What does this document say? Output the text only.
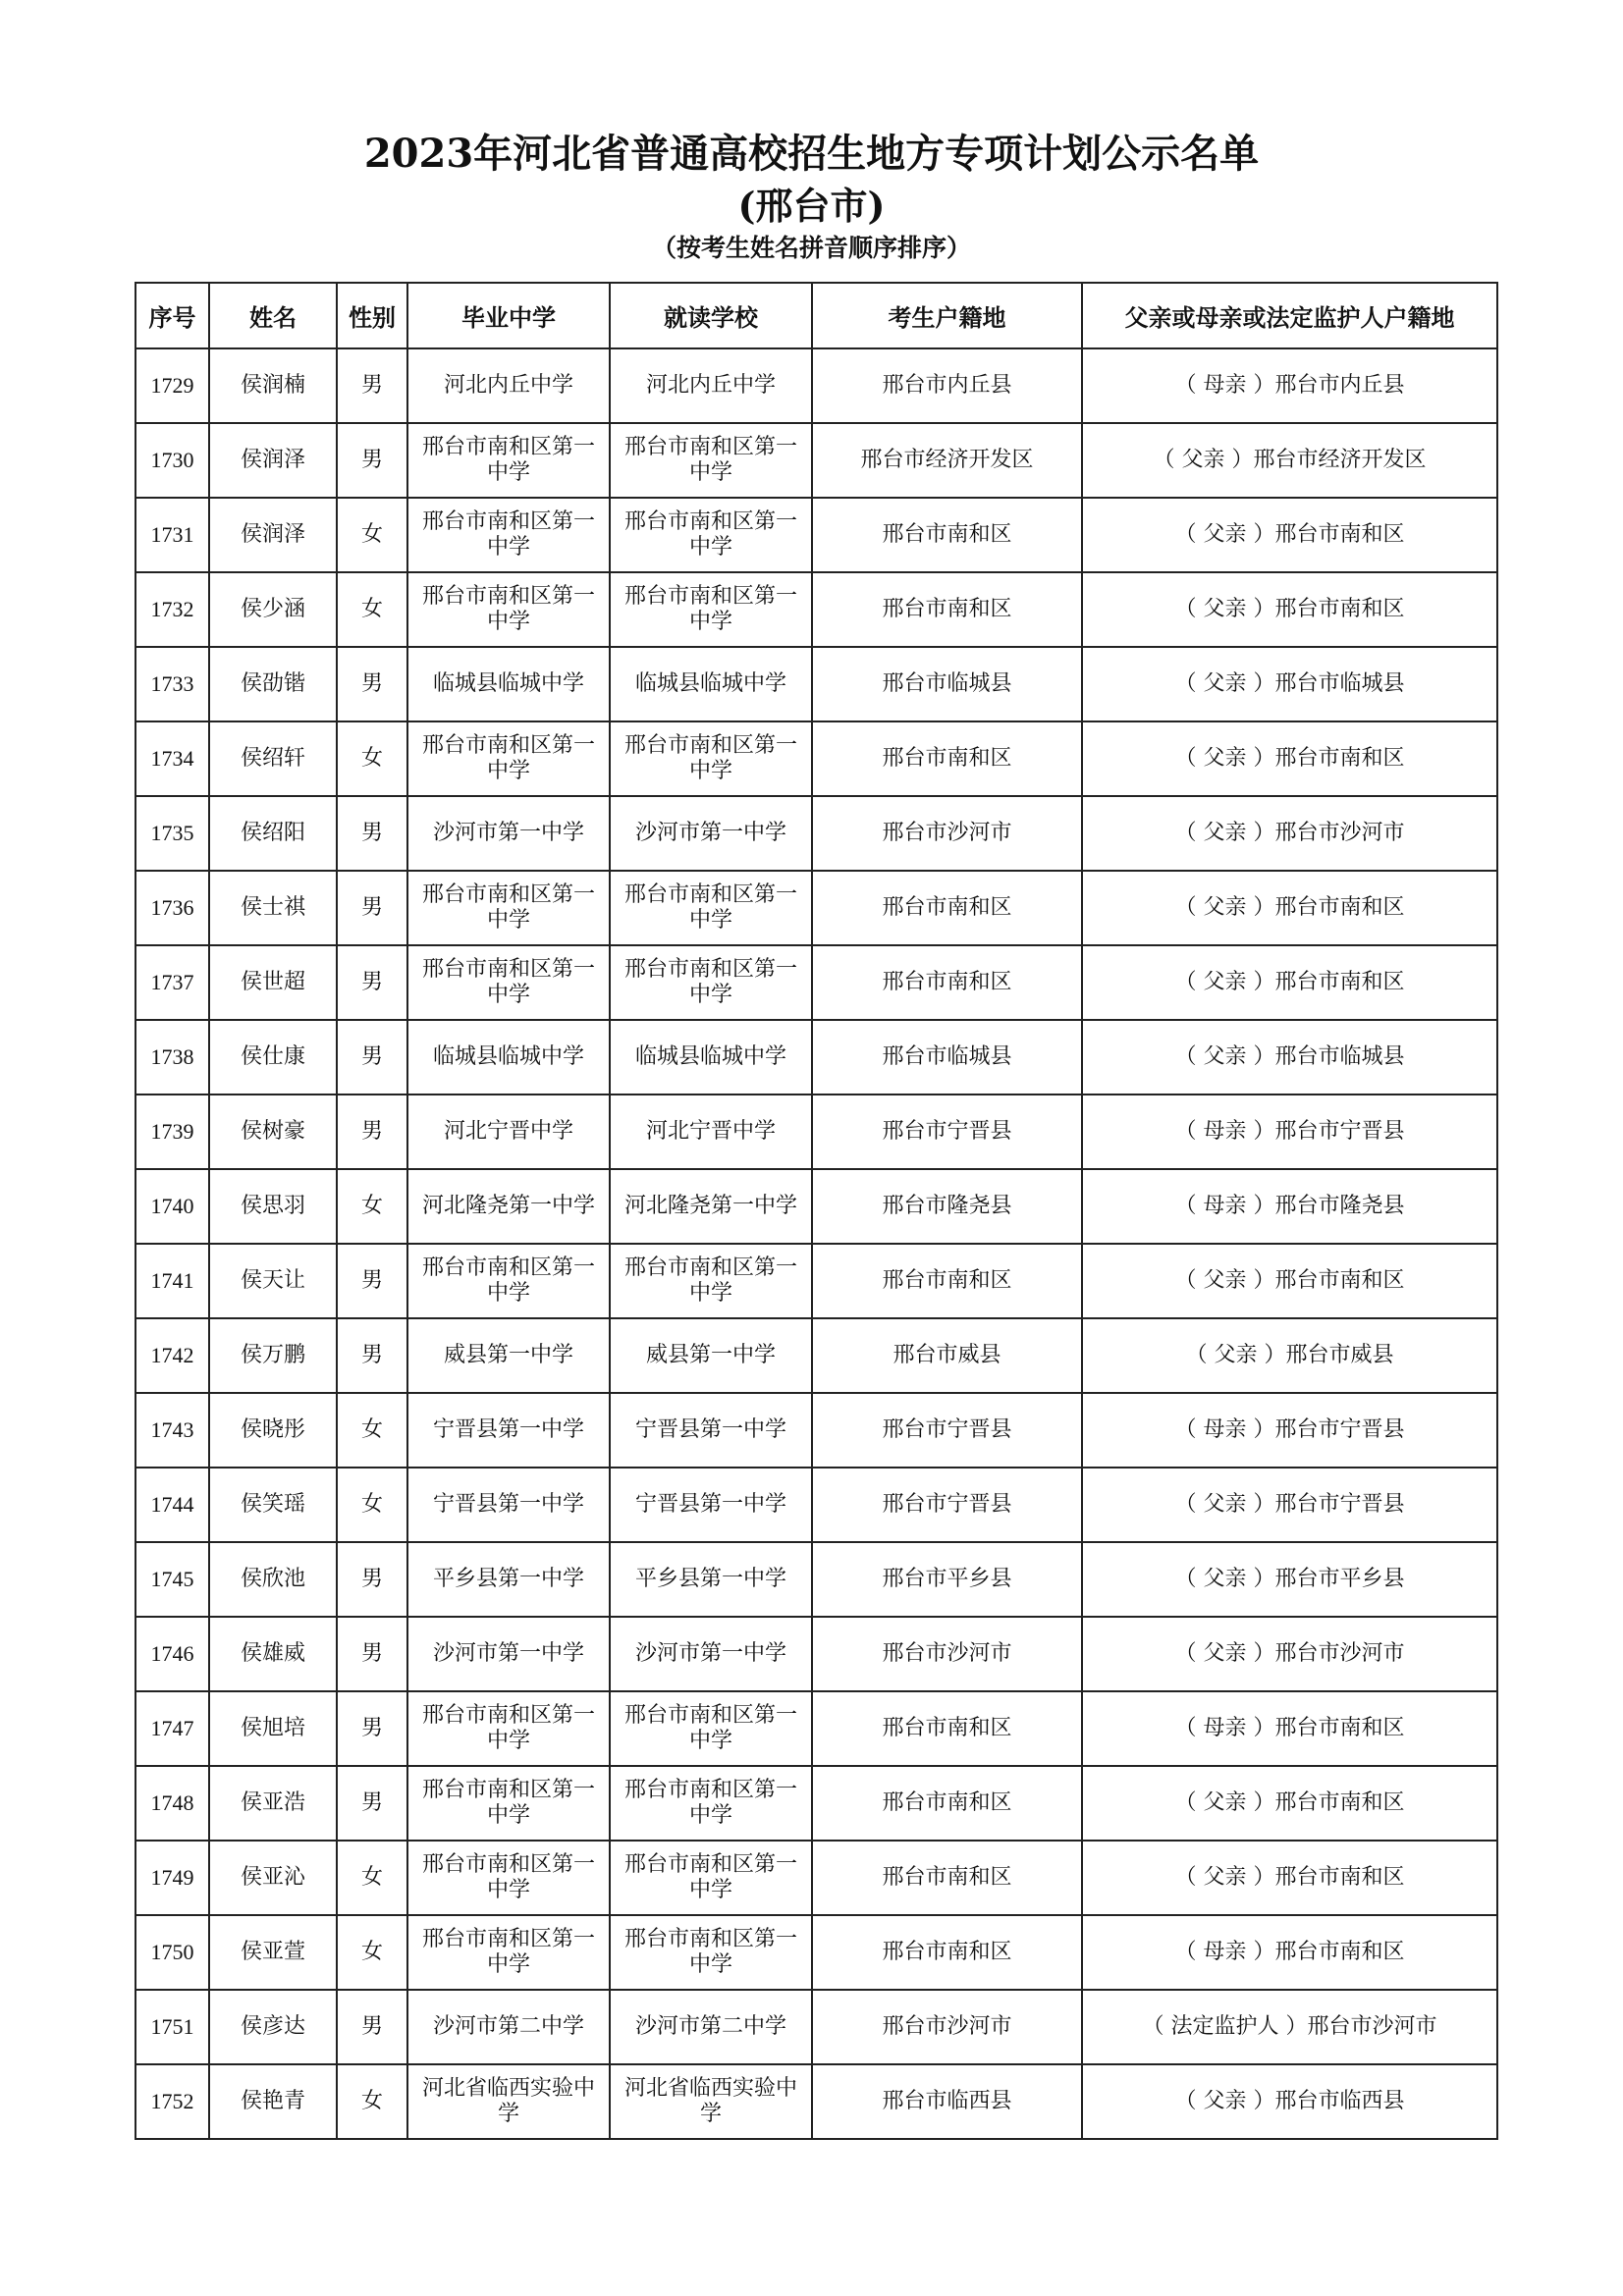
2023年河北省普通高校招生地方专项计划公示名单
(邢台市)
（按考生姓名拼音顺序排序）
序号	姓名	性别	毕业中学	就读学校	考生户籍地	父亲或母亲或法定监护人户籍地
1729	侯润楠	男	河北内丘中学	河北内丘中学	邢台市内丘县	（ 母亲 ）邢台市内丘县
1730	侯润泽	男	邢台市南和区第一中学	邢台市南和区第一中学	邢台市经济开发区	（ 父亲 ）邢台市经济开发区
1731	侯润泽	女	邢台市南和区第一中学	邢台市南和区第一中学	邢台市南和区	（ 父亲 ）邢台市南和区
1732	侯少涵	女	邢台市南和区第一中学	邢台市南和区第一中学	邢台市南和区	（ 父亲 ）邢台市南和区
1733	侯劭锴	男	临城县临城中学	临城县临城中学	邢台市临城县	（ 父亲 ）邢台市临城县
1734	侯绍轩	女	邢台市南和区第一中学	邢台市南和区第一中学	邢台市南和区	（ 父亲 ）邢台市南和区
1735	侯绍阳	男	沙河市第一中学	沙河市第一中学	邢台市沙河市	（ 父亲 ）邢台市沙河市
1736	侯士祺	男	邢台市南和区第一中学	邢台市南和区第一中学	邢台市南和区	（ 父亲 ）邢台市南和区
1737	侯世超	男	邢台市南和区第一中学	邢台市南和区第一中学	邢台市南和区	（ 父亲 ）邢台市南和区
1738	侯仕康	男	临城县临城中学	临城县临城中学	邢台市临城县	（ 父亲 ）邢台市临城县
1739	侯树豪	男	河北宁晋中学	河北宁晋中学	邢台市宁晋县	（ 母亲 ）邢台市宁晋县
1740	侯思羽	女	河北隆尧第一中学	河北隆尧第一中学	邢台市隆尧县	（ 母亲 ）邢台市隆尧县
1741	侯天让	男	邢台市南和区第一中学	邢台市南和区第一中学	邢台市南和区	（ 父亲 ）邢台市南和区
1742	侯万鹏	男	威县第一中学	威县第一中学	邢台市威县	（ 父亲 ）邢台市威县
1743	侯晓彤	女	宁晋县第一中学	宁晋县第一中学	邢台市宁晋县	（ 母亲 ）邢台市宁晋县
1744	侯笑瑶	女	宁晋县第一中学	宁晋县第一中学	邢台市宁晋县	（ 父亲 ）邢台市宁晋县
1745	侯欣池	男	平乡县第一中学	平乡县第一中学	邢台市平乡县	（ 父亲 ）邢台市平乡县
1746	侯雄威	男	沙河市第一中学	沙河市第一中学	邢台市沙河市	（ 父亲 ）邢台市沙河市
1747	侯旭培	男	邢台市南和区第一中学	邢台市南和区第一中学	邢台市南和区	（ 母亲 ）邢台市南和区
1748	侯亚浩	男	邢台市南和区第一中学	邢台市南和区第一中学	邢台市南和区	（ 父亲 ）邢台市南和区
1749	侯亚沁	女	邢台市南和区第一中学	邢台市南和区第一中学	邢台市南和区	（ 父亲 ）邢台市南和区
1750	侯亚萱	女	邢台市南和区第一中学	邢台市南和区第一中学	邢台市南和区	（ 母亲 ）邢台市南和区
1751	侯彦达	男	沙河市第二中学	沙河市第二中学	邢台市沙河市	（ 法定监护人 ）邢台市沙河市
1752	侯艳青	女	河北省临西实验中学	河北省临西实验中学	邢台市临西县	（ 父亲 ）邢台市临西县
